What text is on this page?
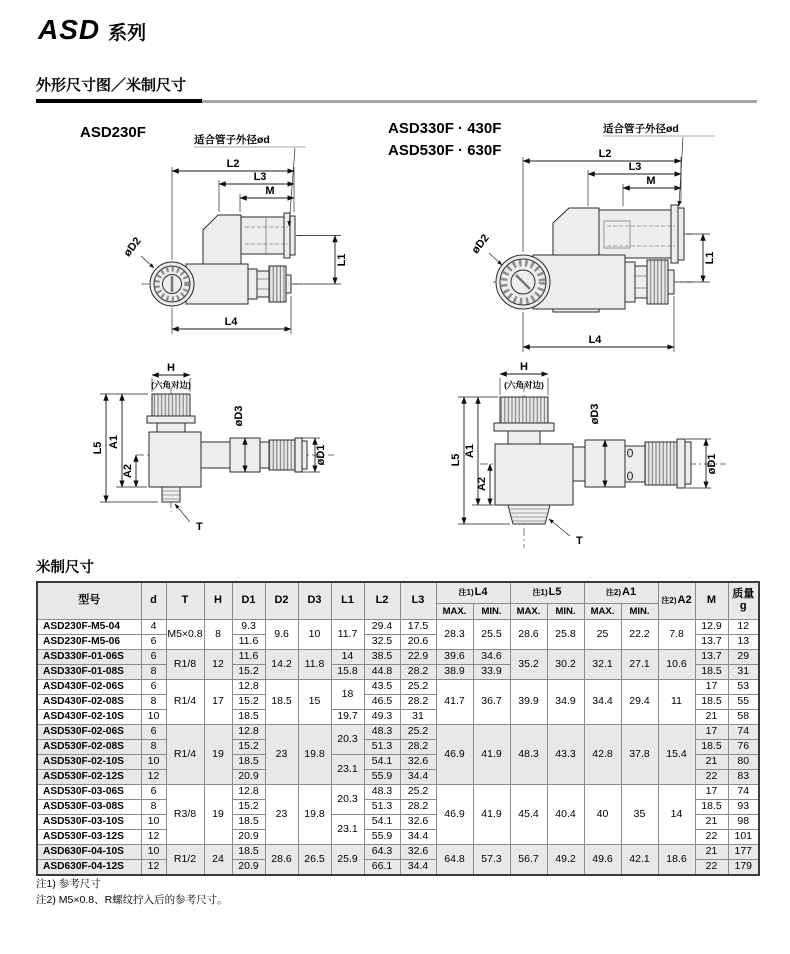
ASD 系列
外形尺寸图／米制尺寸
ASD230F	ASD330F · 430F
ASD530F · 630F
L2
L3
M
L1
L4
øD2
适合管子外径ød
L2
L3
M
L1
L4
øD2
适合管子外径ød
H
(六角对边)
L5 A1
A2
øD3
øD1
T
H
(六角对边)
L5
A1
A2
øD3
øD1
T
米制尺寸
型号	d	T	H	D1	D2	D3	L1	L2	L3	注1)L4		注1)L5		注2)A1		注2)A2	M	质量
g
										MAX.	MIN.	MAX.	MIN.	MAX.	MIN.			
ASD230F-M5-04	4	M5×0.8	8	9.3	9.6	10	11.7	29.4	17.5	28.3	25.5	28.6	25.8	25	22.2	7.8	12.9	12
ASD230F-M5-06	6			11.6				32.5	20.6								13.7	13
ASD330F-01-06S	6	R1/8	12	11.6	14.2	11.8	14	38.5	22.9	39.6	34.6	35.2	30.2	32.1	27.1	10.6	13.7	29
ASD330F-01-08S	8			15.2			15.8	44.8	28.2	38.9	33.9						18.5	31
ASD430F-02-06S	6	R1/4	17	12.8	18.5	15	18	43.5	25.2	41.7	36.7	39.9	34.9	34.4	29.4	11	17	53
ASD430F-02-08S	8			15.2				46.5	28.2								18.5	55
ASD430F-02-10S	10			18.5			19.7	49.3	31								21	58
ASD530F-02-06S	6	R1/4	19	12.8	23	19.8	20.3	48.3	25.2	46.9	41.9	48.3	43.3	42.8	37.8	15.4	17	74
ASD530F-02-08S	8			15.2				51.3	28.2								18.5	76
ASD530F-02-10S	10			18.5			23.1	54.1	32.6								21	80
ASD530F-02-12S	12			20.9				55.9	34.4								22	83
ASD530F-03-06S	6	R3/8	19	12.8	23	19.8	20.3	48.3	25.2	46.9	41.9	45.4	40.4	40	35	14	17	74
ASD530F-03-08S	8			15.2				51.3	28.2								18.5	93
ASD530F-03-10S	10			18.5			23.1	54.1	32.6								21	98
ASD530F-03-12S	12			20.9				55.9	34.4								22	101
ASD630F-04-10S	10	R1/2	24	18.5	28.6	26.5	25.9	64.3	32.6	64.8	57.3	56.7	49.2	49.6	42.1	18.6	21	177
ASD630F-04-12S	12			20.9				66.1	34.4								22	179
注1) 参考尺寸
注2) M5×0.8、R螺纹拧入后的参考尺寸。
